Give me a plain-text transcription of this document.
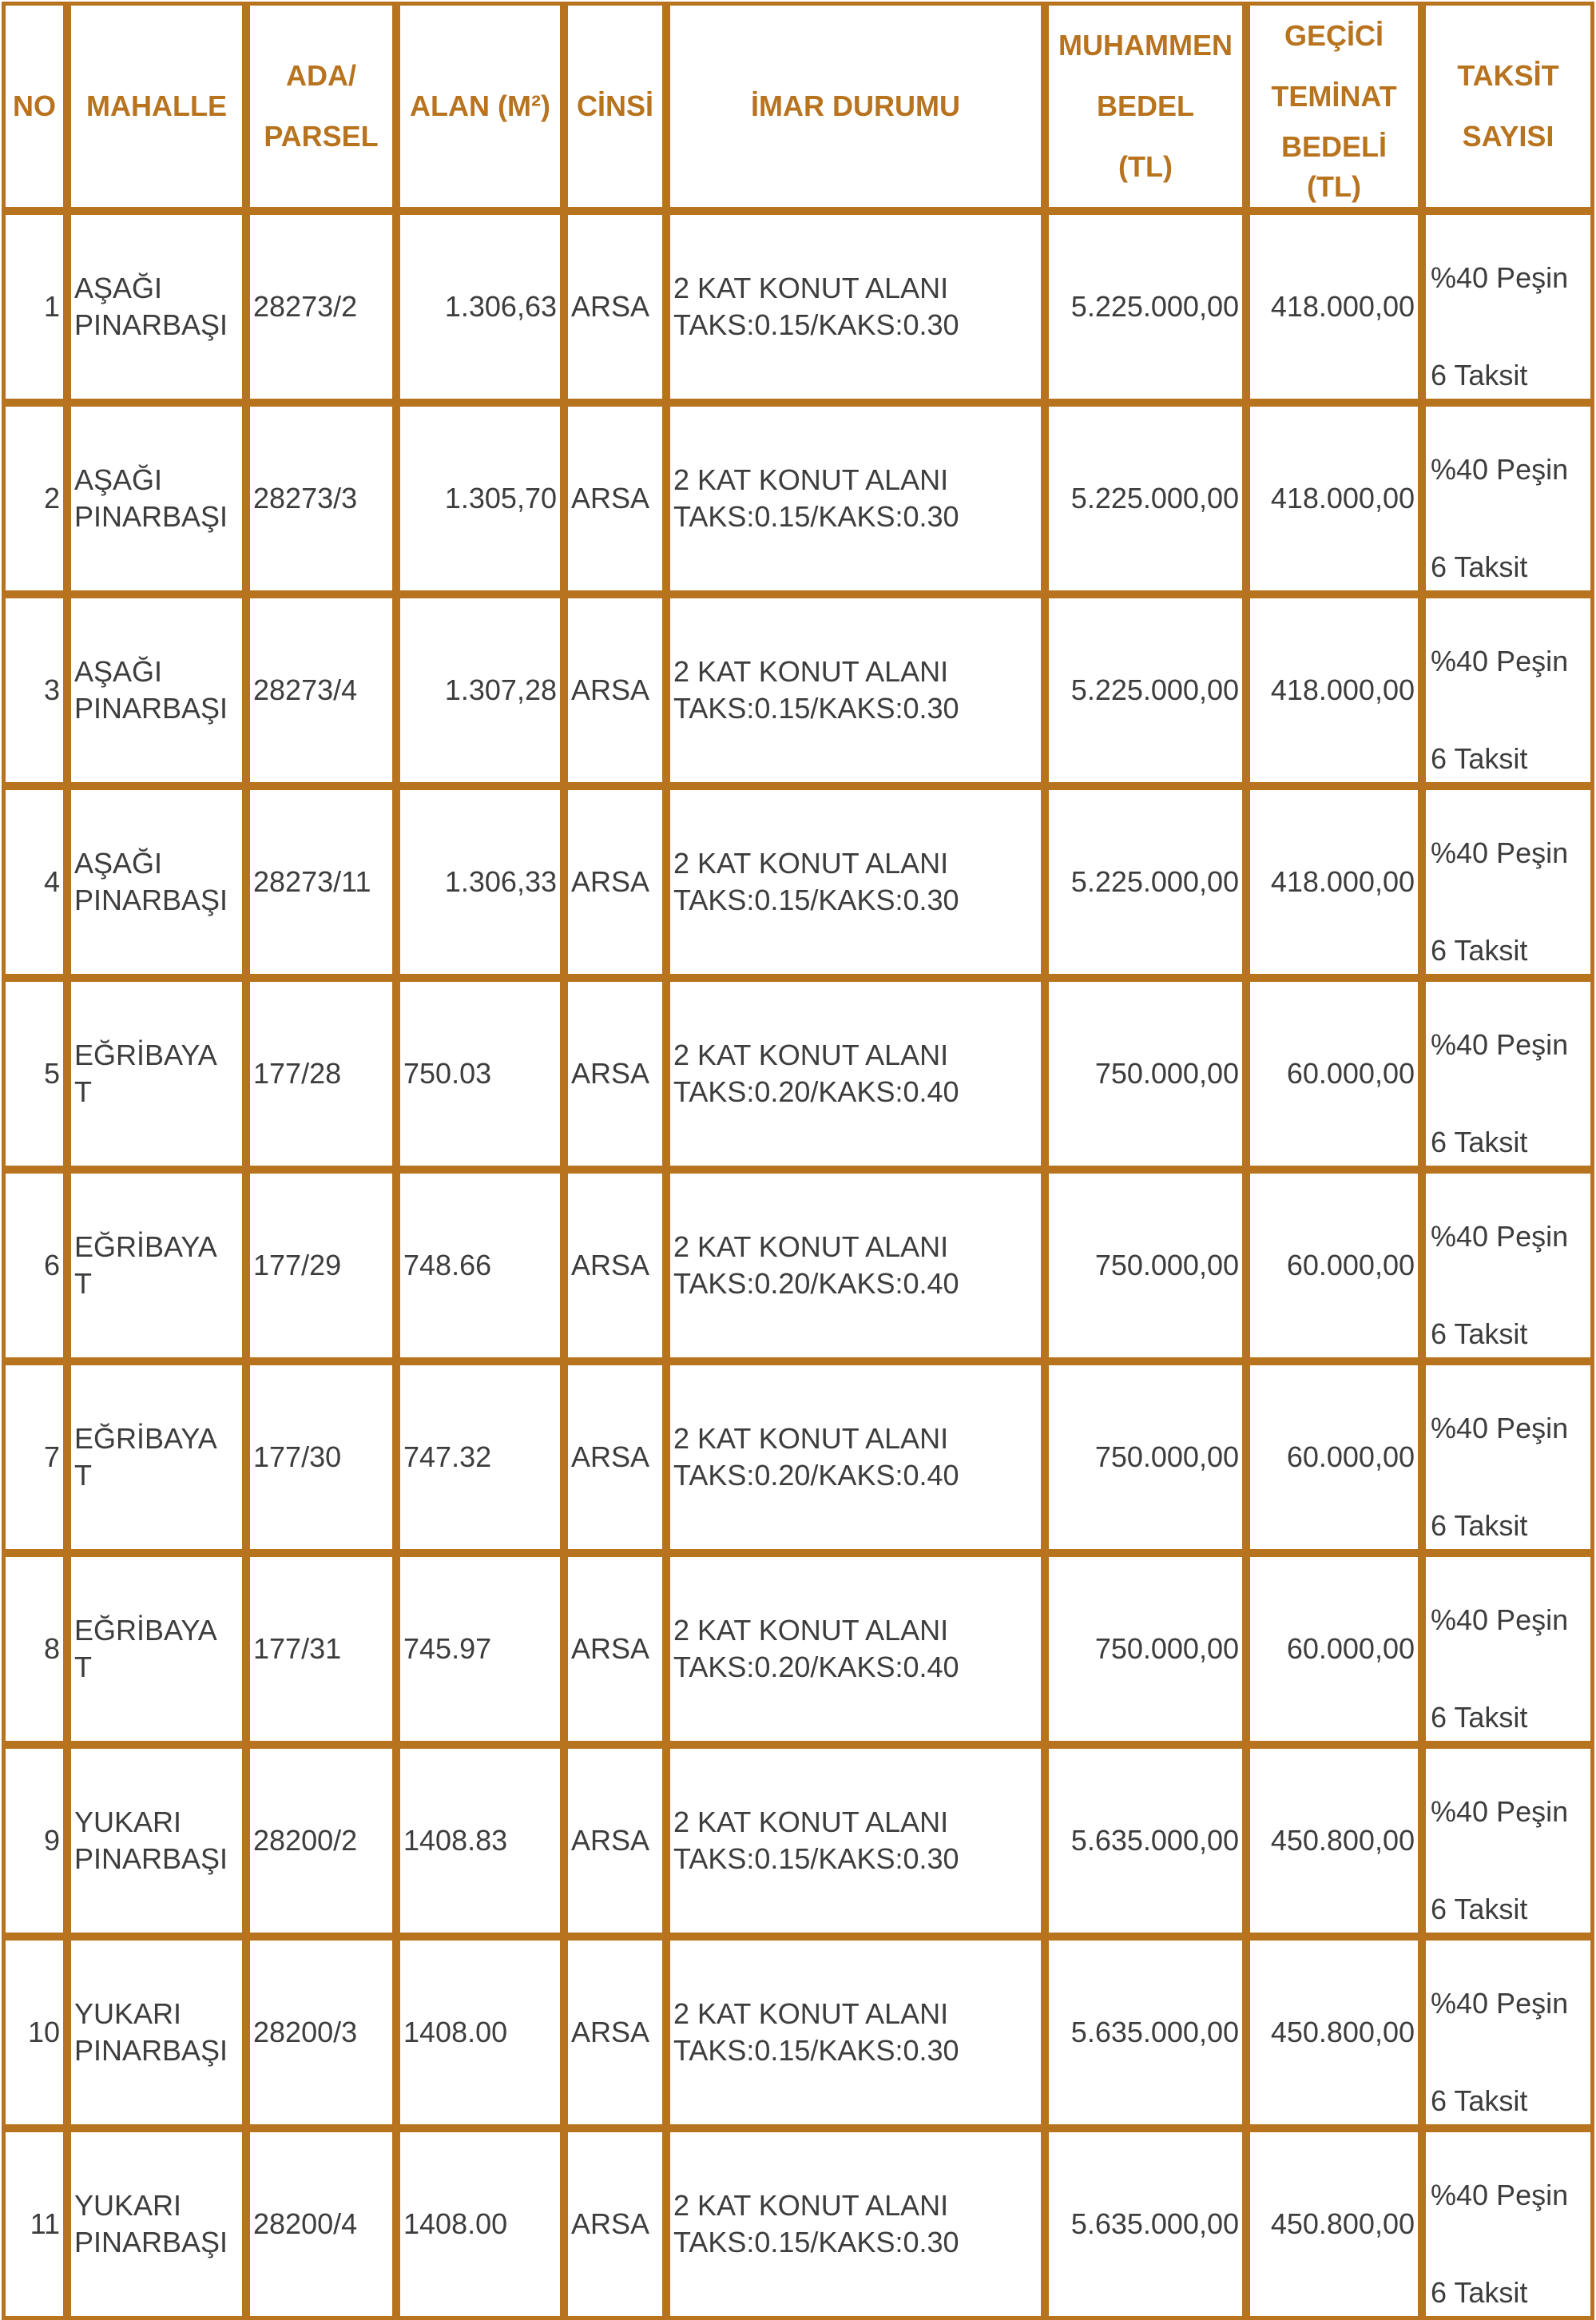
NO	MAHALLE	ADA/
PARSEL	ALAN (M²)	CİNSİ	İMAR DURUMU	MUHAMMEN
BEDEL
(TL)	GEÇİCİ
TEMİNAT
BEDELİ
(TL)	TAKSİT
SAYISI

1	AŞAĞI
PINARBAŞI	28273/2	1.306,63	ARSA	2 KAT KONUT ALANI
TAKS:0.15/KAKS:0.30	5.225.000,00	418.000,00	%40 Peşin
6 Taksit

2	AŞAĞI
PINARBAŞI	28273/3	1.305,70	ARSA	2 KAT KONUT ALANI
TAKS:0.15/KAKS:0.30	5.225.000,00	418.000,00	%40 Peşin
6 Taksit

3	AŞAĞI
PINARBAŞI	28273/4	1.307,28	ARSA	2 KAT KONUT ALANI
TAKS:0.15/KAKS:0.30	5.225.000,00	418.000,00	%40 Peşin
6 Taksit

4	AŞAĞI
PINARBAŞI	28273/11	1.306,33	ARSA	2 KAT KONUT ALANI
TAKS:0.15/KAKS:0.30	5.225.000,00	418.000,00	%40 Peşin
6 Taksit

5	EĞRİBAYA
T	177/28	750.03	ARSA	2 KAT KONUT ALANI
TAKS:0.20/KAKS:0.40	750.000,00	60.000,00	%40 Peşin
6 Taksit

6	EĞRİBAYA
T	177/29	748.66	ARSA	2 KAT KONUT ALANI
TAKS:0.20/KAKS:0.40	750.000,00	60.000,00	%40 Peşin
6 Taksit

7	EĞRİBAYA
T	177/30	747.32	ARSA	2 KAT KONUT ALANI
TAKS:0.20/KAKS:0.40	750.000,00	60.000,00	%40 Peşin
6 Taksit

8	EĞRİBAYA
T	177/31	745.97	ARSA	2 KAT KONUT ALANI
TAKS:0.20/KAKS:0.40	750.000,00	60.000,00	%40 Peşin
6 Taksit

9	YUKARI
PINARBAŞI	28200/2	1408.83	ARSA	2 KAT KONUT ALANI
TAKS:0.15/KAKS:0.30	5.635.000,00	450.800,00	%40 Peşin
6 Taksit

10	YUKARI
PINARBAŞI	28200/3	1408.00	ARSA	2 KAT KONUT ALANI
TAKS:0.15/KAKS:0.30	5.635.000,00	450.800,00	%40 Peşin
6 Taksit

11	YUKARI
PINARBAŞI	28200/4	1408.00	ARSA	2 KAT KONUT ALANI
TAKS:0.15/KAKS:0.30	5.635.000,00	450.800,00	%40 Peşin
6 Taksit
